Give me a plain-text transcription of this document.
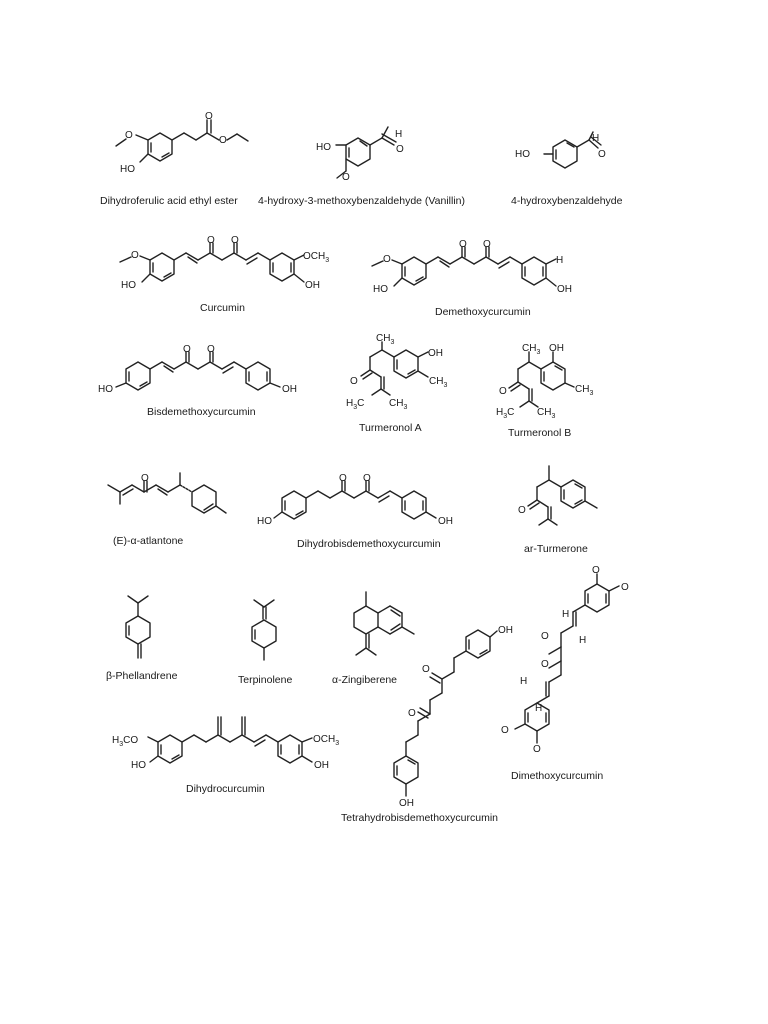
O
HO
O
O
Dihydroferulic acid ethyl ester
HO
O
H
O
4-hydroxy-3-methoxybenzaldehyde (Vanillin)
HO
H
O
4-hydroxybenzaldehyde
O
HO
O O
$OCH_3$
OH
Curcumin
O
HO
O O
H
OH
Demethoxycurcumin
HO
O O
OH
Bisdemethoxycurcumin
$CH_3$
OH
$CH_3$
O
$H_3C$ $CH_3$
Turmeronol A
$CH_3$ OH
$CH_3$
O
$H_3C$ $CH_3$
Turmeronol B
O
(E)-α-atlantone
HO
O O
OH
Dihydrobisdemethoxycurcumin
O
ar-Turmerone
β-Phellandrene	Terpinolene	α-Zingiberene
O
O
H
H
O
O
H
H
O
O
Dimethoxycurcumin
$H_3CO$
HO
$OCH_3$
OH
Dihydrocurcumin
OH
O
O
OH
Tetrahydrobisdemethoxycurcumin
